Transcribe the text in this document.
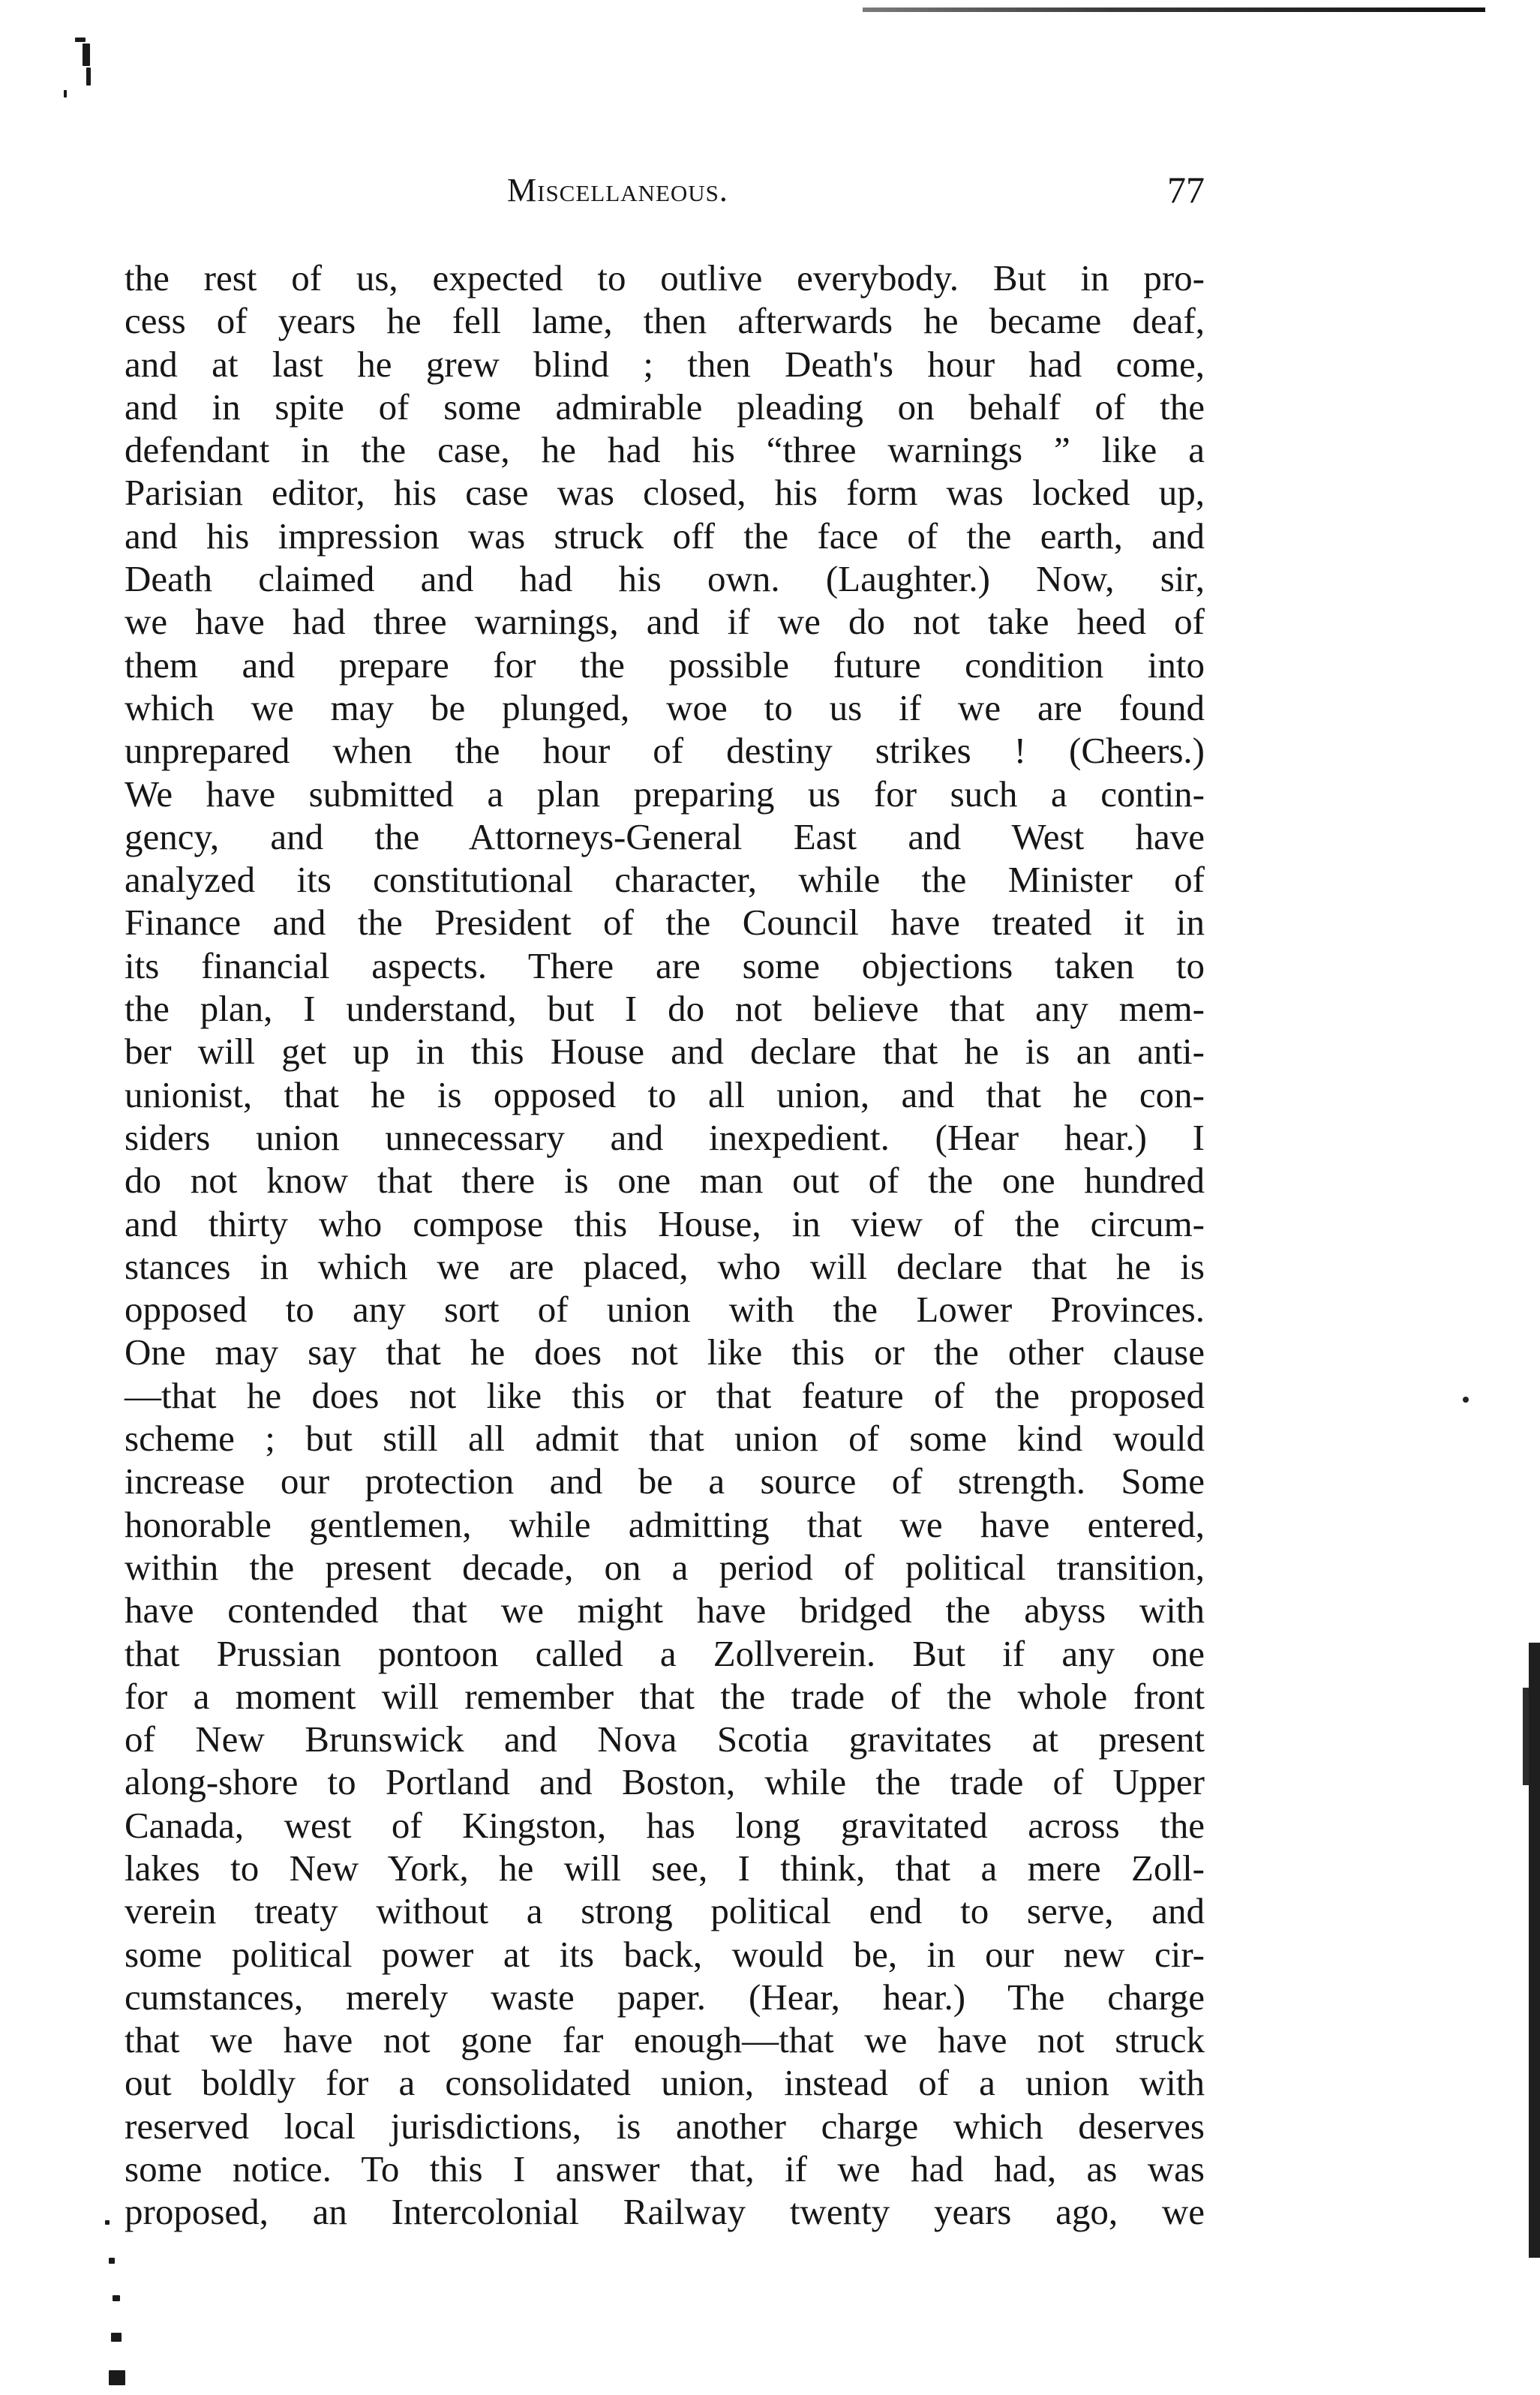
Miscellaneous.	77
the rest of us, expected to outlive everybody. But in pro-
cess of years he fell lame, then afterwards he became deaf,
and at last he grew blind ; then Death's hour had come,
and in spite of some admirable pleading on behalf of the
defendant in the case, he had his “three warnings ” like a
Parisian editor, his case was closed, his form was locked up,
and his impression was struck off the face of the earth, and
Death claimed and had his own. (Laughter.) Now, sir,
we have had three warnings, and if we do not take heed of
them and prepare for the possible future condition into
which we may be plunged, woe to us if we are found
unprepared when the hour of destiny strikes ! (Cheers.)
We have submitted a plan preparing us for such a contin-
gency, and the Attorneys-General East and West have
analyzed its constitutional character, while the Minister of
Finance and the President of the Council have treated it in
its financial aspects. There are some objections taken to
the plan, I understand, but I do not believe that any mem-
ber will get up in this House and declare that he is an anti-
unionist, that he is opposed to all union, and that he con-
siders union unnecessary and inexpedient. (Hear hear.) I
do not know that there is one man out of the one hundred
and thirty who compose this House, in view of the circum-
stances in which we are placed, who will declare that he is
opposed to any sort of union with the Lower Provinces.
One may say that he does not like this or the other clause
—that he does not like this or that feature of the proposed
scheme ; but still all admit that union of some kind would
increase our protection and be a source of strength. Some
honorable gentlemen, while admitting that we have entered,
within the present decade, on a period of political transition,
have contended that we might have bridged the abyss with
that Prussian pontoon called a Zollverein. But if any one
for a moment will remember that the trade of the whole front
of New Brunswick and Nova Scotia gravitates at present
along-shore to Portland and Boston, while the trade of Upper
Canada, west of Kingston, has long gravitated across the
lakes to New York, he will see, I think, that a mere Zoll-
verein treaty without a strong political end to serve, and
some political power at its back, would be, in our new cir-
cumstances, merely waste paper. (Hear, hear.) The charge
that we have not gone far enough—that we have not struck
out boldly for a consolidated union, instead of a union with
reserved local jurisdictions, is another charge which deserves
some notice. To this I answer that, if we had had, as was
proposed, an Intercolonial Railway twenty years ago, we
